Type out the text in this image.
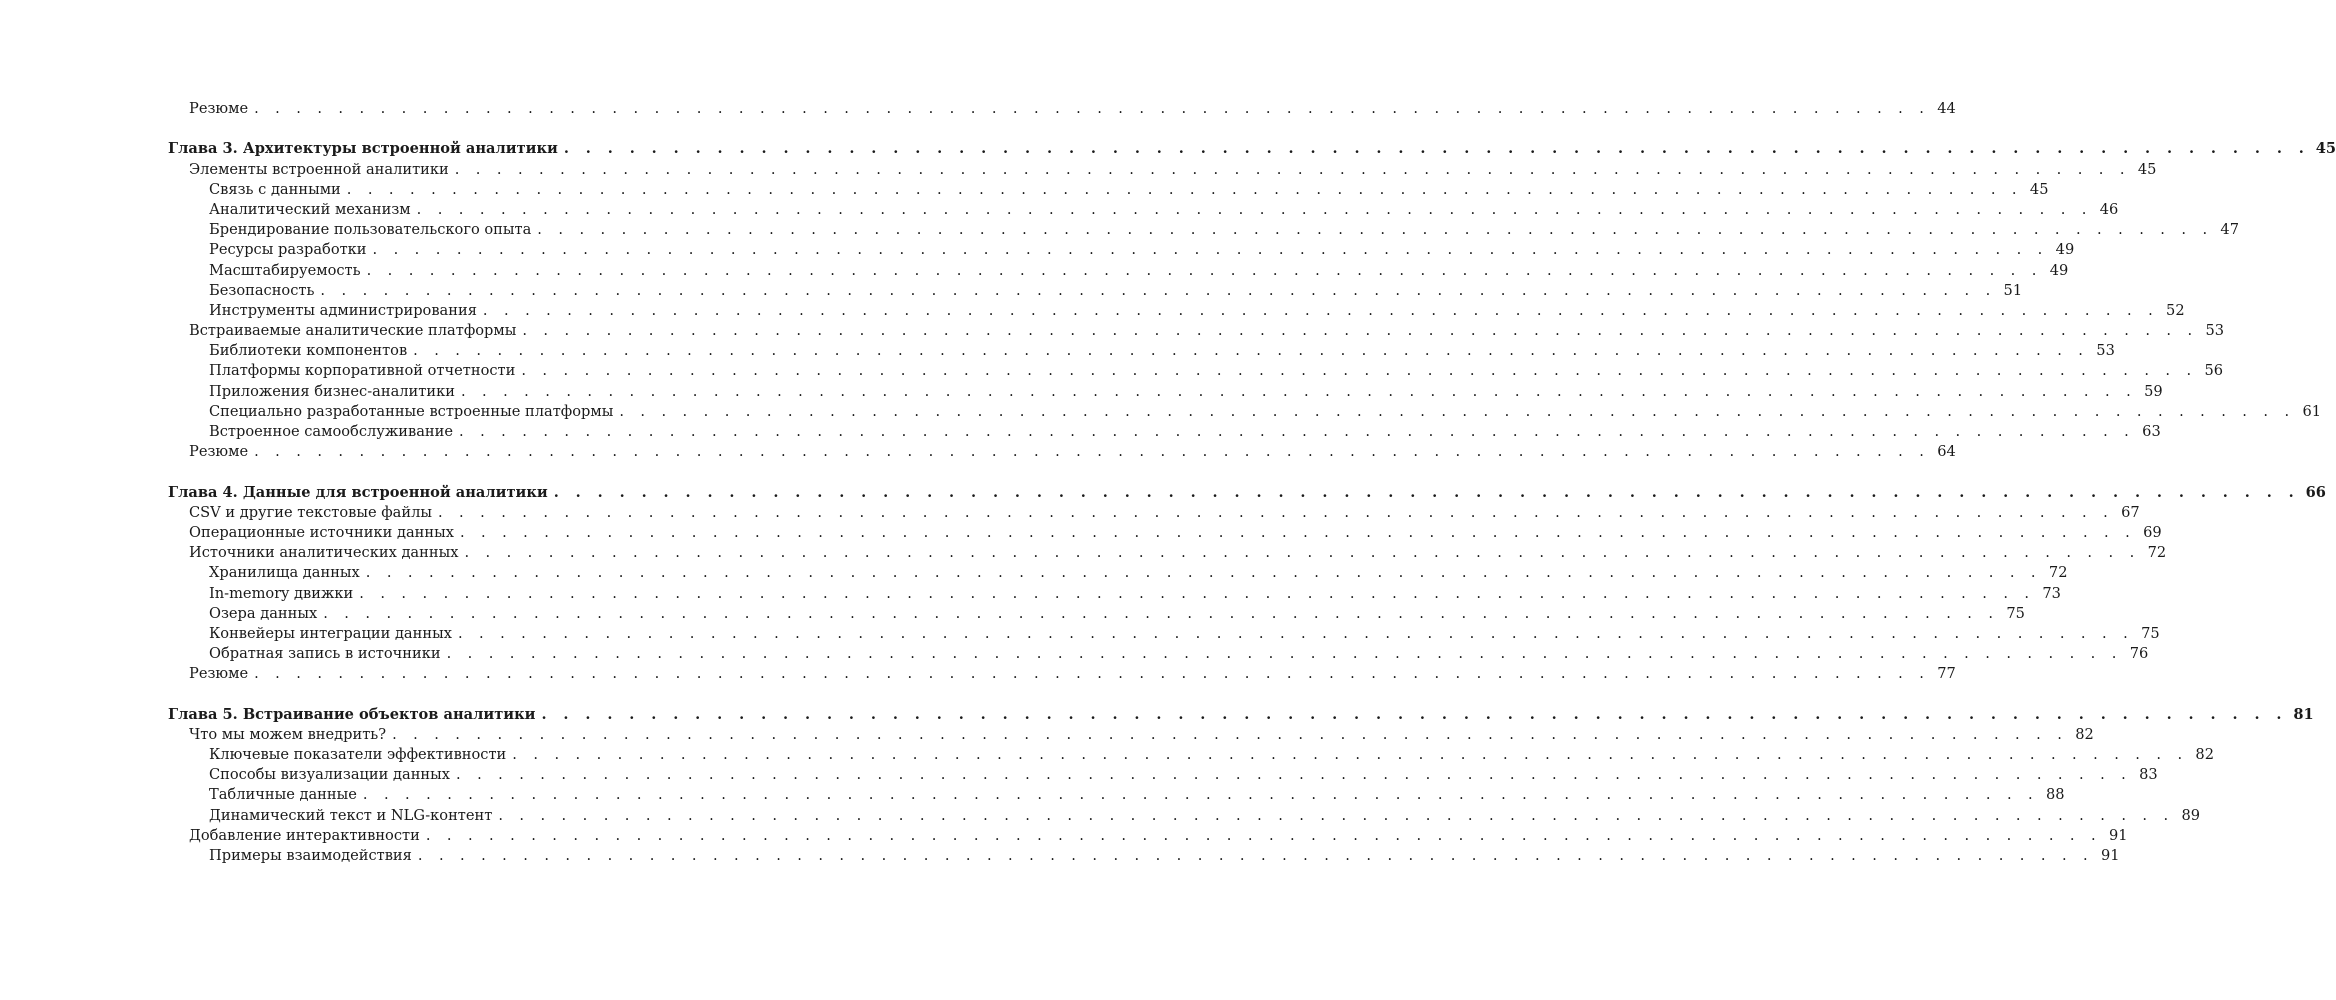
Резюме . . . . . . . . . . . . . . . . . . . . . . . . . . . . . . . . . . . . . . . . . . . . . . . . . . . . . . . . . . . . . . . . . . . . . . . . . . . . . . . . 44
Глава 3. Архитектуры встроенной аналитики . . . . . . . . . . . . . . . . . . . . . . . . . . . . . . . . . . . . . . . . . . . . . . . . . . . . . . . . . . . . . . . . . . . . . . . . . . . . . . . . 45
Элементы встроенной аналитики . . . . . . . . . . . . . . . . . . . . . . . . . . . . . . . . . . . . . . . . . . . . . . . . . . . . . . . . . . . . . . . . . . . . . . . . . . . . . . . . 45
Связь с данными . . . . . . . . . . . . . . . . . . . . . . . . . . . . . . . . . . . . . . . . . . . . . . . . . . . . . . . . . . . . . . . . . . . . . . . . . . . . . . . . 45
Аналитический механизм . . . . . . . . . . . . . . . . . . . . . . . . . . . . . . . . . . . . . . . . . . . . . . . . . . . . . . . . . . . . . . . . . . . . . . . . . . . . . . . . 46
Брендирование пользовательского опыта . . . . . . . . . . . . . . . . . . . . . . . . . . . . . . . . . . . . . . . . . . . . . . . . . . . . . . . . . . . . . . . . . . . . . . . . . . . . . . . . 47
Ресурсы разработки . . . . . . . . . . . . . . . . . . . . . . . . . . . . . . . . . . . . . . . . . . . . . . . . . . . . . . . . . . . . . . . . . . . . . . . . . . . . . . . . 49
Масштабируемость . . . . . . . . . . . . . . . . . . . . . . . . . . . . . . . . . . . . . . . . . . . . . . . . . . . . . . . . . . . . . . . . . . . . . . . . . . . . . . . . 49
Безопасность . . . . . . . . . . . . . . . . . . . . . . . . . . . . . . . . . . . . . . . . . . . . . . . . . . . . . . . . . . . . . . . . . . . . . . . . . . . . . . . . 51
Инструменты администрирования . . . . . . . . . . . . . . . . . . . . . . . . . . . . . . . . . . . . . . . . . . . . . . . . . . . . . . . . . . . . . . . . . . . . . . . . . . . . . . . . 52
Встраиваемые аналитические платформы . . . . . . . . . . . . . . . . . . . . . . . . . . . . . . . . . . . . . . . . . . . . . . . . . . . . . . . . . . . . . . . . . . . . . . . . . . . . . . . . 53
Библиотеки компонентов . . . . . . . . . . . . . . . . . . . . . . . . . . . . . . . . . . . . . . . . . . . . . . . . . . . . . . . . . . . . . . . . . . . . . . . . . . . . . . . . 53
Платформы корпоративной отчетности . . . . . . . . . . . . . . . . . . . . . . . . . . . . . . . . . . . . . . . . . . . . . . . . . . . . . . . . . . . . . . . . . . . . . . . . . . . . . . . . 56
Приложения бизнес-аналитики . . . . . . . . . . . . . . . . . . . . . . . . . . . . . . . . . . . . . . . . . . . . . . . . . . . . . . . . . . . . . . . . . . . . . . . . . . . . . . . . 59
Специально разработанные встроенные платформы . . . . . . . . . . . . . . . . . . . . . . . . . . . . . . . . . . . . . . . . . . . . . . . . . . . . . . . . . . . . . . . . . . . . . . . . . . . . . . . . 61
Встроенное самообслуживание . . . . . . . . . . . . . . . . . . . . . . . . . . . . . . . . . . . . . . . . . . . . . . . . . . . . . . . . . . . . . . . . . . . . . . . . . . . . . . . . 63
Резюме . . . . . . . . . . . . . . . . . . . . . . . . . . . . . . . . . . . . . . . . . . . . . . . . . . . . . . . . . . . . . . . . . . . . . . . . . . . . . . . . 64
Глава 4. Данные для встроенной аналитики . . . . . . . . . . . . . . . . . . . . . . . . . . . . . . . . . . . . . . . . . . . . . . . . . . . . . . . . . . . . . . . . . . . . . . . . . . . . . . . . 66
CSV и другие текстовые файлы . . . . . . . . . . . . . . . . . . . . . . . . . . . . . . . . . . . . . . . . . . . . . . . . . . . . . . . . . . . . . . . . . . . . . . . . . . . . . . . . 67
Операционные источники данных . . . . . . . . . . . . . . . . . . . . . . . . . . . . . . . . . . . . . . . . . . . . . . . . . . . . . . . . . . . . . . . . . . . . . . . . . . . . . . . . 69
Источники аналитических данных . . . . . . . . . . . . . . . . . . . . . . . . . . . . . . . . . . . . . . . . . . . . . . . . . . . . . . . . . . . . . . . . . . . . . . . . . . . . . . . . 72
Хранилища данных . . . . . . . . . . . . . . . . . . . . . . . . . . . . . . . . . . . . . . . . . . . . . . . . . . . . . . . . . . . . . . . . . . . . . . . . . . . . . . . . 72
In-memory движки . . . . . . . . . . . . . . . . . . . . . . . . . . . . . . . . . . . . . . . . . . . . . . . . . . . . . . . . . . . . . . . . . . . . . . . . . . . . . . . . 73
Озера данных . . . . . . . . . . . . . . . . . . . . . . . . . . . . . . . . . . . . . . . . . . . . . . . . . . . . . . . . . . . . . . . . . . . . . . . . . . . . . . . . 75
Конвейеры интеграции данных . . . . . . . . . . . . . . . . . . . . . . . . . . . . . . . . . . . . . . . . . . . . . . . . . . . . . . . . . . . . . . . . . . . . . . . . . . . . . . . . 75
Обратная запись в источники . . . . . . . . . . . . . . . . . . . . . . . . . . . . . . . . . . . . . . . . . . . . . . . . . . . . . . . . . . . . . . . . . . . . . . . . . . . . . . . . 76
Резюме . . . . . . . . . . . . . . . . . . . . . . . . . . . . . . . . . . . . . . . . . . . . . . . . . . . . . . . . . . . . . . . . . . . . . . . . . . . . . . . . 77
Глава 5. Встраивание объектов аналитики . . . . . . . . . . . . . . . . . . . . . . . . . . . . . . . . . . . . . . . . . . . . . . . . . . . . . . . . . . . . . . . . . . . . . . . . . . . . . . . . 81
Что мы можем внедрить? . . . . . . . . . . . . . . . . . . . . . . . . . . . . . . . . . . . . . . . . . . . . . . . . . . . . . . . . . . . . . . . . . . . . . . . . . . . . . . . . 82
Ключевые показатели эффективности . . . . . . . . . . . . . . . . . . . . . . . . . . . . . . . . . . . . . . . . . . . . . . . . . . . . . . . . . . . . . . . . . . . . . . . . . . . . . . . . 82
Способы визуализации данных . . . . . . . . . . . . . . . . . . . . . . . . . . . . . . . . . . . . . . . . . . . . . . . . . . . . . . . . . . . . . . . . . . . . . . . . . . . . . . . . 83
Табличные данные . . . . . . . . . . . . . . . . . . . . . . . . . . . . . . . . . . . . . . . . . . . . . . . . . . . . . . . . . . . . . . . . . . . . . . . . . . . . . . . . 88
Динамический текст и NLG-контент . . . . . . . . . . . . . . . . . . . . . . . . . . . . . . . . . . . . . . . . . . . . . . . . . . . . . . . . . . . . . . . . . . . . . . . . . . . . . . . . 89
Добавление интерактивности . . . . . . . . . . . . . . . . . . . . . . . . . . . . . . . . . . . . . . . . . . . . . . . . . . . . . . . . . . . . . . . . . . . . . . . . . . . . . . . . 91
Примеры взаимодействия . . . . . . . . . . . . . . . . . . . . . . . . . . . . . . . . . . . . . . . . . . . . . . . . . . . . . . . . . . . . . . . . . . . . . . . . . . . . . . . . 91
